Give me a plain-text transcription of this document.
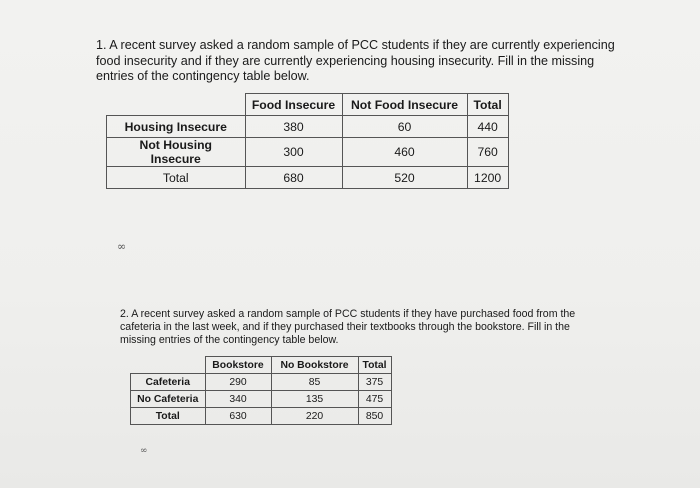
1. A recent survey asked a random sample of PCC students if they are currently experiencing food insecurity and if they are currently experiencing housing insecurity. Fill in the missing entries of the contingency table below.
	Food Insecure	Not Food Insecure	Total
Housing Insecure	380	60	440
Not Housing Insecure	300	460	760
Total	680	520	1200
∞
2. A recent survey asked a random sample of PCC students if they have purchased food from the cafeteria in the last week, and if they purchased their textbooks through the bookstore. Fill in the missing entries of the contingency table below.
	Bookstore	No Bookstore	Total
Cafeteria	290	85	375
No Cafeteria	340	135	475
Total	630	220	850
∞
